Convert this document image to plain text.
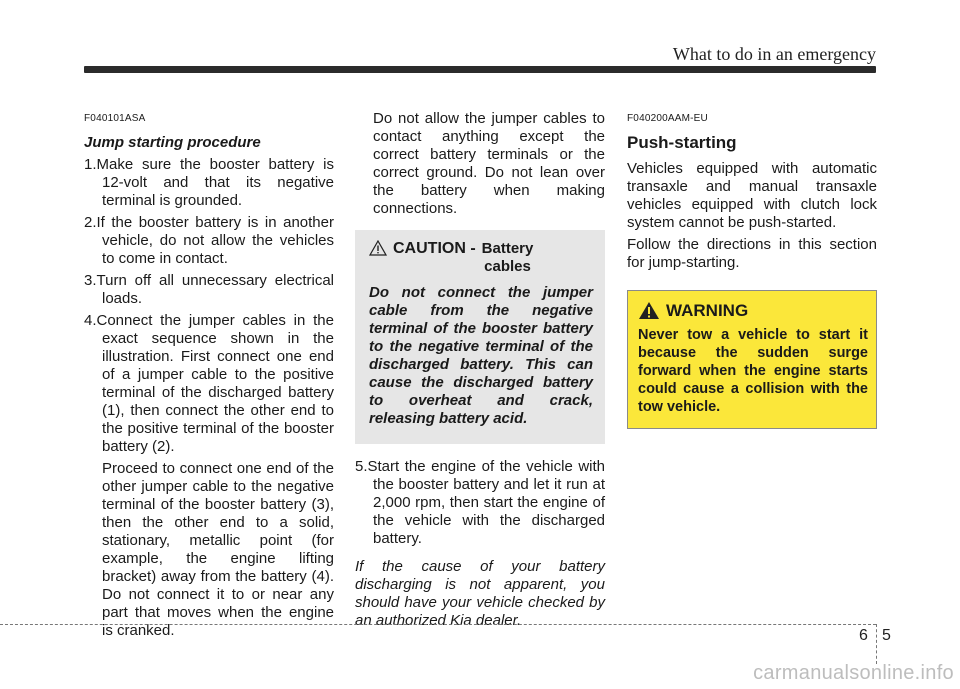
What to do in an emergency
F040101ASA
Jump starting procedure
1.Make sure the booster battery is 12-volt and that its negative terminal is grounded.
2.If the booster battery is in another vehicle, do not allow the vehicles to come in contact.
3.Turn off all unnecessary electrical loads.
4.Connect the jumper cables in the exact sequence shown in the illustration. First connect one end of a jumper cable to the positive terminal of the discharged battery (1), then connect the other end to the positive terminal of the booster battery (2).
Proceed to connect one end of the other jumper cable to the negative terminal of the booster battery (3), then the other end to a solid, stationary, metallic point (for example, the engine lifting bracket) away from the battery (4). Do not connect it to or near any part that moves when the engine is cranked.
Do not allow the jumper cables to contact anything except the correct battery terminals or the correct ground. Do not lean over the battery when making connections.
CAUTION - Battery
cables
Do not connect the jumper cable from the negative terminal of the booster battery to the negative terminal of the discharged battery. This can cause the discharged battery to overheat and crack, releasing battery acid.
5.Start the engine of the vehicle with the booster battery and let it run at 2,000 rpm, then start the engine of the vehicle with the discharged battery.
If the cause of your battery discharging is not apparent, you should have your vehicle checked by an authorized Kia dealer.
F040200AAM-EU
Push-starting
Vehicles equipped with automatic transaxle and manual transaxle vehicles equipped with clutch lock system cannot be push-started.
Follow the directions in this section for jump-starting.
WARNING
Never tow a vehicle to start it because the sudden surge forward when the engine starts could cause a collision with the tow vehicle.
6 5
carmanualsonline.info
